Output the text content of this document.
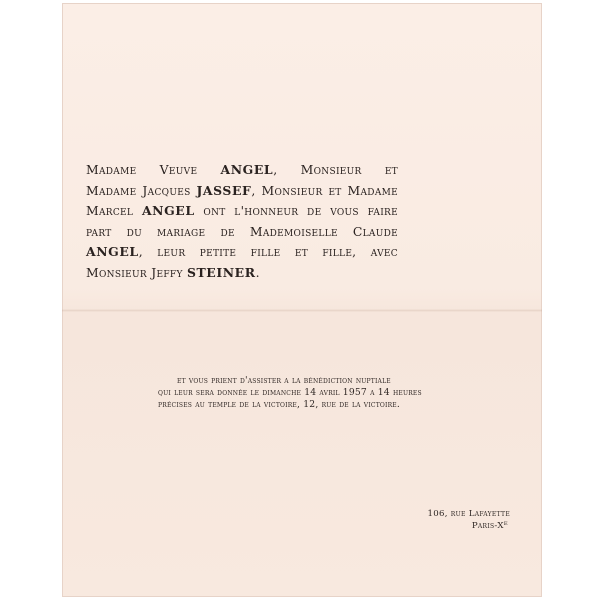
Madame Veuve ANGEL, Monsieur et
Madame Jacques JASSEF, Monsieur et Madame
Marcel ANGEL ont l'honneur de vous faire
part du mariage de Mademoiselle Claude
ANGEL, leur petite fille et fille, avec
Monsieur Jeffy STEINER.
et vous prient d'assister a la bénédiction nuptiale
qui leur sera donnée le dimanche 14 avril 1957 a 14 heures
précises au temple de la victoire, 12, rue de la victoire.
106, rue Lafayette
Paris-Xᴱ
